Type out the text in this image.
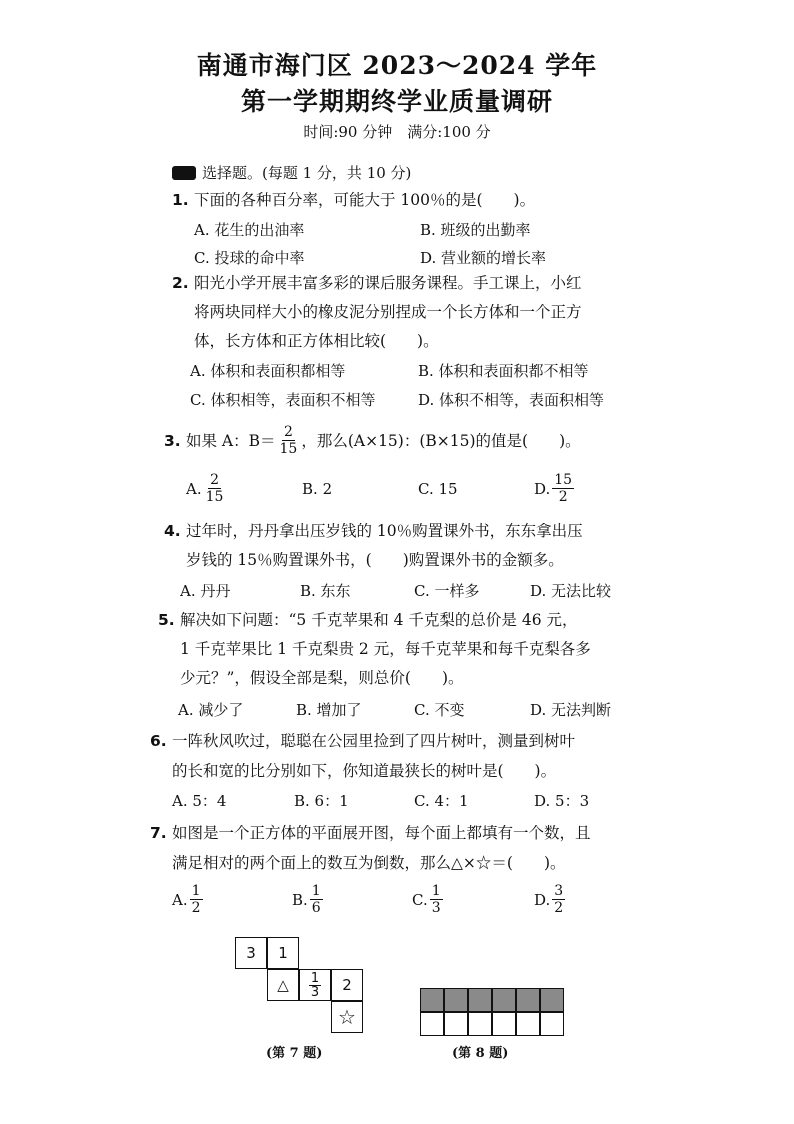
南通市海门区 2023～2024 学年
第一学期期终学业质量调研
时间:90 分钟　满分:100 分
选择题。(每题 1 分，共 10 分)
1. 下面的各种百分率，可能大于 100％的是(　　)。
A. 花生的出油率	B. 班级的出勤率
C. 投球的命中率	D. 营业额的增长率
2. 阳光小学开展丰富多彩的课后服务课程。手工课上，小红
将两块同样大小的橡皮泥分别捏成一个长方体和一个正方
体，长方体和正方体相比较(　　)。
A. 体积和表面积都相等	B. 体积和表面积都不相等
C. 体积相等，表面积不相等	D. 体积不相等，表面积相等
3. 如果 A：$B= \frac{2}{15}$ ，那么(A×15)：(B×15)的值是(　　)。
A. $\frac{2}{15}$	B. 2	C. 15	D. $\frac{15}{2}$
4. 过年时，丹丹拿出压岁钱的 10％购置课外书，东东拿出压
岁钱的 15％购置课外书，(　　)购置课外书的金额多。
A. 丹丹	B. 东东	C. 一样多	D. 无法比较
5. 解决如下问题：“5 千克苹果和 4 千克梨的总价是 46 元，
1 千克苹果比 1 千克梨贵 2 元，每千克苹果和每千克梨各多
少元？”，假设全部是梨，则总价(　　)。
A. 减少了	B. 增加了	C. 不变	D. 无法判断
6. 一阵秋风吹过，聪聪在公园里捡到了四片树叶，测量到树叶
的长和宽的比分别如下，你知道最狭长的树叶是(　　)。
A. 5：4	B. 6：1	C. 4：1	D. 5：3
7. 如图是一个正方体的平面展开图，每个面上都填有一个数，且
满足相对的两个面上的数互为倒数，那么△×☆＝(　　)。
A. $\frac{1}{2}$	B. $\frac{1}{6}$	C. $\frac{1}{3}$	D. $\frac{3}{2}$
3	1
△	$\frac{1}{3}$	2
☆
(第 7 题)	(第 8 题)
